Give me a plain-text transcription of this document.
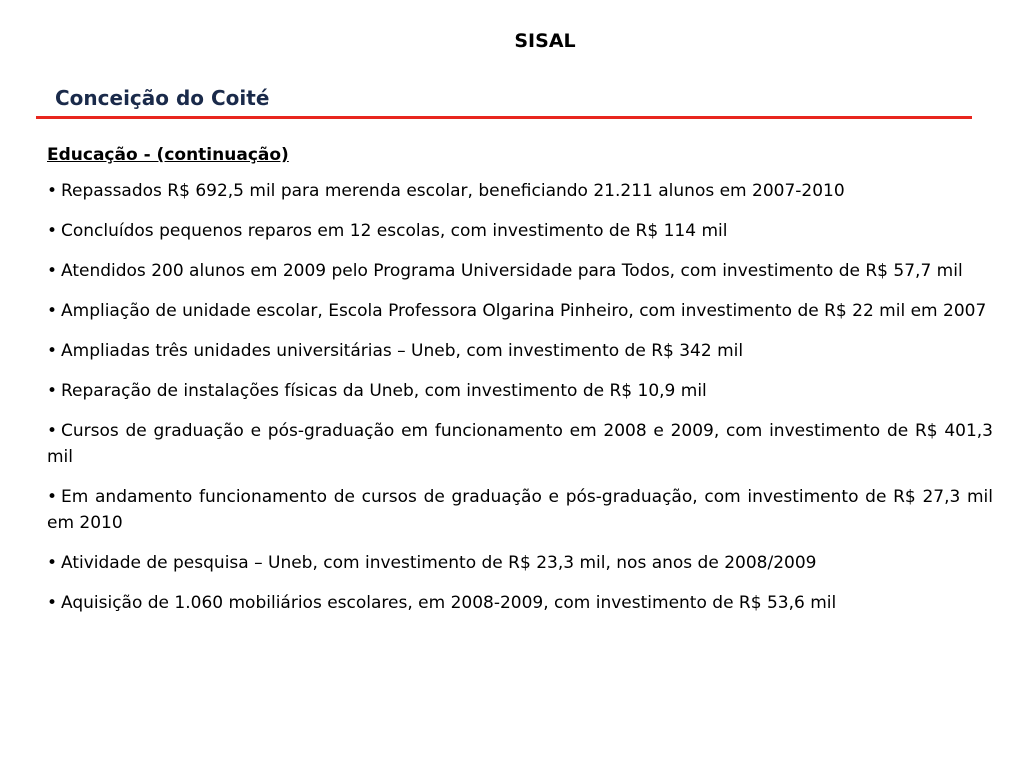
SISAL
Conceição do Coité
Educação - (continuação)
• Repassados R$ 692,5 mil para merenda escolar, beneficiando 21.211 alunos em 2007-2010
• Concluídos pequenos reparos em 12 escolas, com investimento de R$ 114 mil
• Atendidos 200 alunos em 2009 pelo Programa Universidade para Todos, com investimento de R$ 57,7 mil
• Ampliação de unidade escolar, Escola Professora Olgarina Pinheiro, com investimento de R$ 22 mil em 2007
• Ampliadas três unidades universitárias – Uneb, com investimento de R$ 342 mil
• Reparação de instalações físicas da Uneb, com investimento de R$ 10,9 mil
• Cursos de graduação e pós-graduação em funcionamento em 2008 e 2009, com investimento de R$ 401,3 mil
• Em andamento funcionamento de cursos de graduação e pós-graduação, com investimento de R$ 27,3 mil em 2010
• Atividade de pesquisa – Uneb, com investimento de R$ 23,3 mil, nos anos de 2008/2009
• Aquisição de 1.060 mobiliários escolares, em 2008-2009, com investimento de R$ 53,6 mil
